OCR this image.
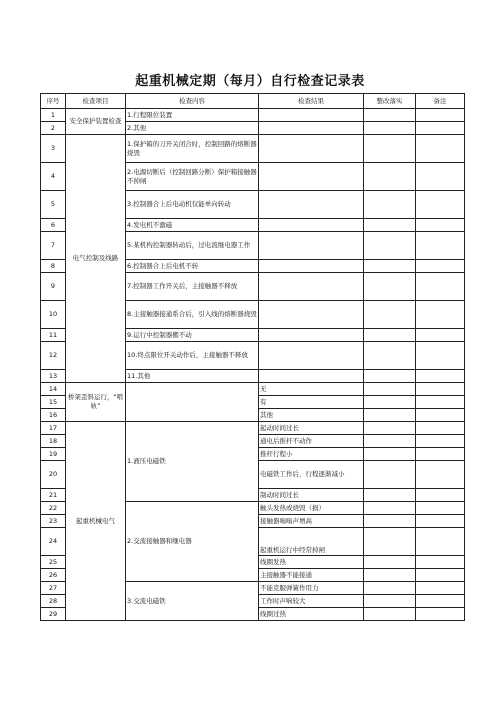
起重机械定期（每月）自行检查记录表
序号	检查项目	检查内容	检查结果	整改落实	备注
1	安全保护装置检查	1.行程限位装置			
2		2.其他			
3	电气控制及线路	1.保护箱的刀开关闭合时，控制回路的熔断器烧毁			
4		2.电源切断后（控制回路分断）保护箱接触器不掉闸			
5		3.控制器合上后电动机仅能单向转动			
6		4.发电机不激磁			
7		5.某机构控制器转动后，过电流继电器工作			
8		6.控制器合上后电机不转			
9		7.控制器工作开关后，主接触器不释放			
10		8.主接触器接通系合后，引入线的熔断器烧毁			
11		9.运行中控制器搬不动			
12		10.终点限位开关动作后，主接触器不释放			
13		11.其他			
14	桥架歪斜运行，“啃轨”		无		
15			有		
16			其他		
17	起重机械电气	1.液压电磁铁	起动时间过长		
18			通电后推杆不动作		
19			推杆行程小		
20			电磁铁工作后，行程逐渐减小		
21			制动时间过长		
22		2.交流接触器和继电器	触头发热或烧毁（损）		
23			接触器嗡嗡声增高		
24			起重机运行中经常掉闸		
25			线圈发热		
26			主接触器不能接通		
27		3.交流电磁铁	不能克服弹簧作用力		
28			工作时声响较大		
29			线圈过热		
